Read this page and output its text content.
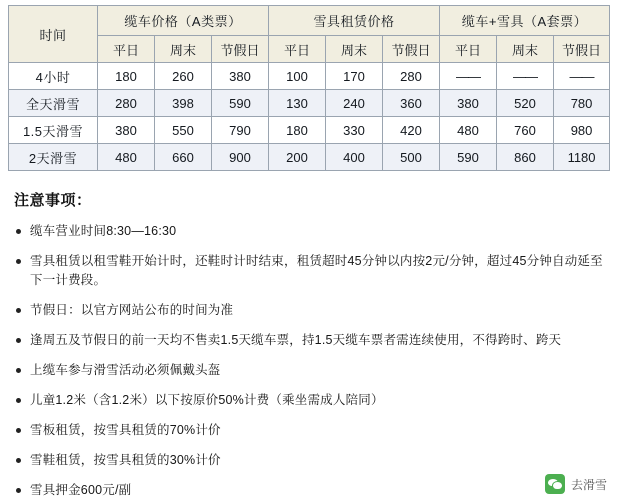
时间	缆车价格（A类票）			雪具租赁价格			缆车+雪具（A套票）		
	平日	周末	节假日	平日	周末	节假日	平日	周末	节假日
4小时	180	260	380	100	170	280	——	——	——
全天滑雪	280	398	590	130	240	360	380	520	780
1.5天滑雪	380	550	790	180	330	420	480	760	980
2天滑雪	480	660	900	200	400	500	590	860	1180
注意事项：
缆车营业时间8:30—16:30
雪具租赁以租雪鞋开始计时，还鞋时计时结束，租赁超时45分钟以内按2元/分钟，超过45分钟自动延至下一计费段。
节假日：以官方网站公布的时间为准
逢周五及节假日的前一天均不售卖1.5天缆车票，持1.5天缆车票者需连续使用，不得跨时、跨天
上缆车参与滑雪活动必须佩戴头盔
儿童1.2米（含1.2米）以下按原价50%计费（乘坐需成人陪同）
雪板租赁，按雪具租赁的70%计价
雪鞋租赁，按雪具租赁的30%计价
雪具押金600元/副	去滑雪
